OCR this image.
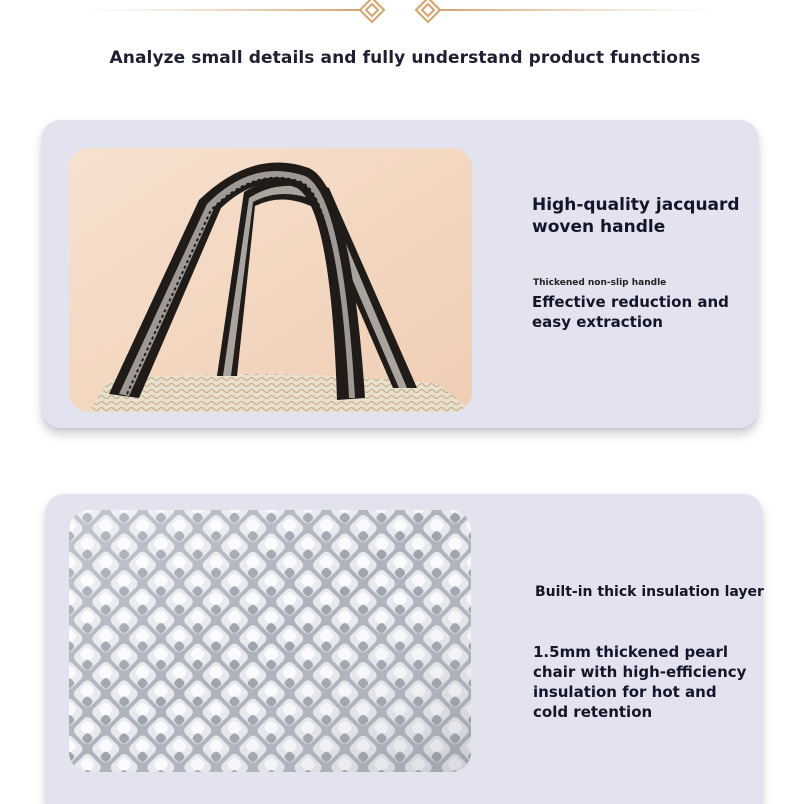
Analyze small details and fully understand product functions
High-quality jacquard
woven handle
Thickened non-slip handle
Effective reduction and
easy extraction
Built-in thick insulation layer
1.5mm thickened pearl
chair with high-efficiency
insulation for hot and
cold retention
